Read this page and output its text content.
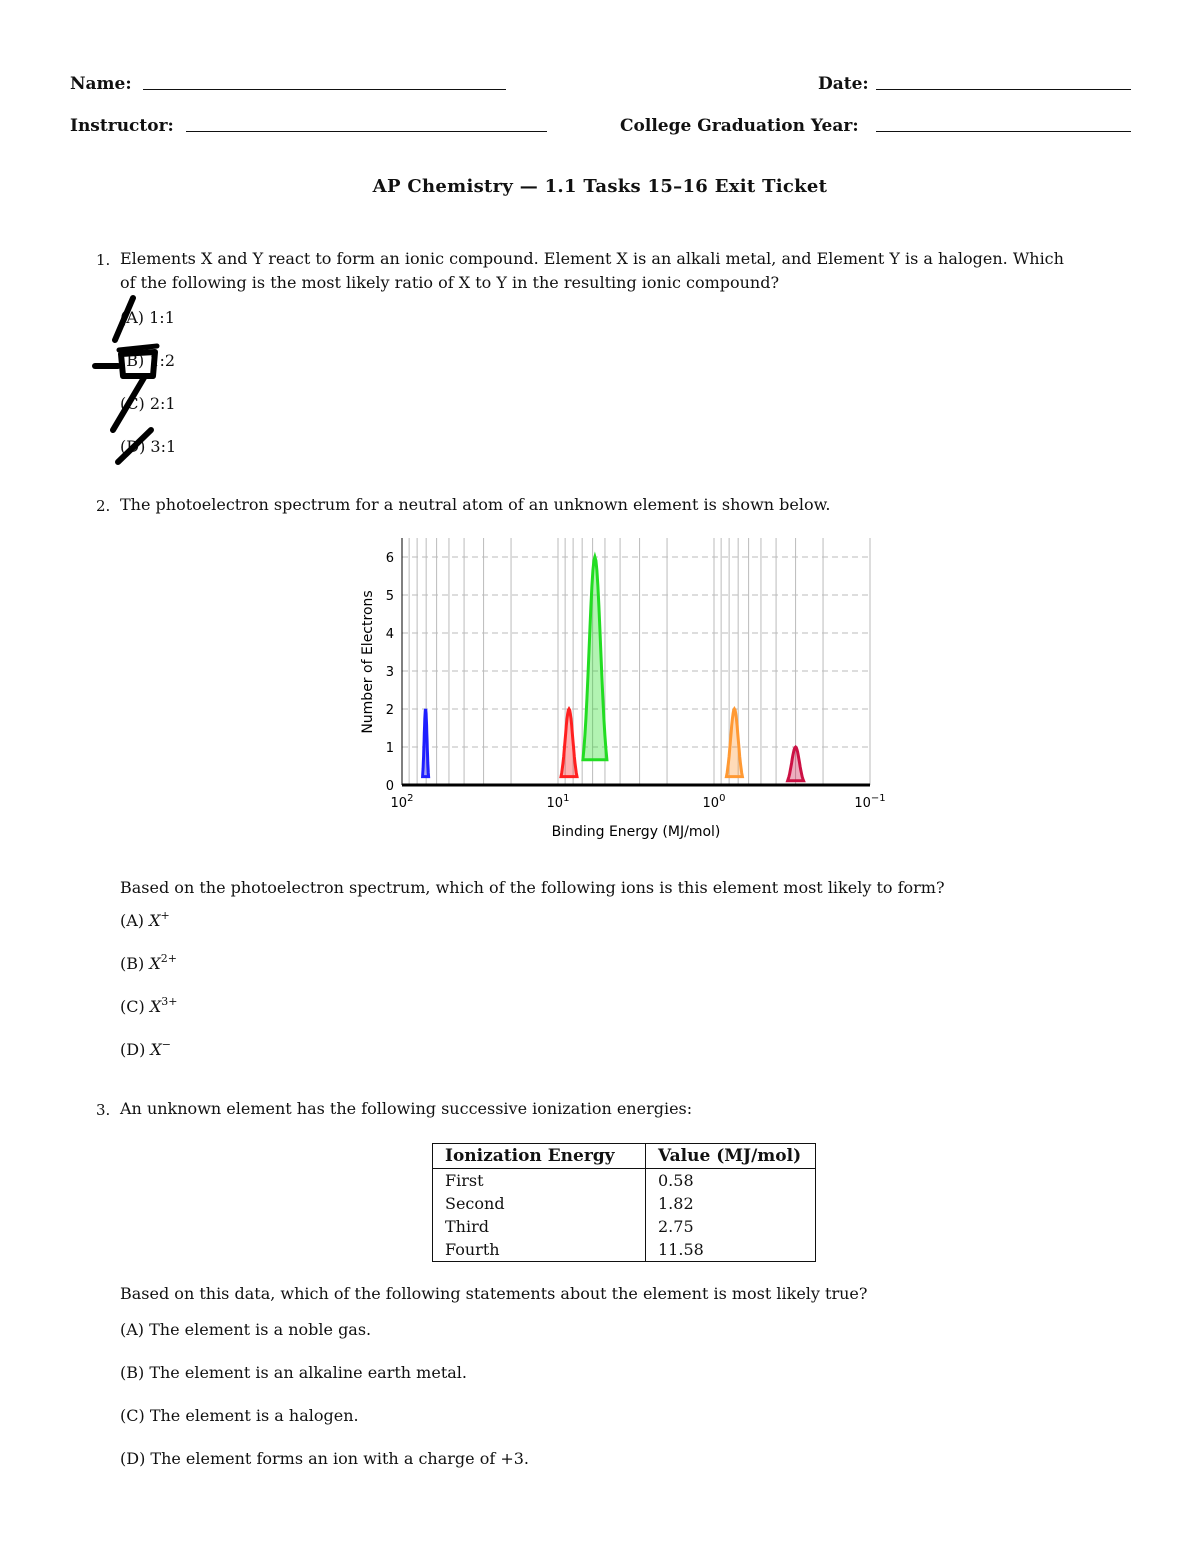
Name:	Date:
Instructor:	College Graduation Year:
AP Chemistry — 1.1 Tasks 15–16 Exit Ticket
1. Elements X and Y react to form an ionic compound. Element X is an alkali metal, and Element Y is a halogen. Which
of the following is the most likely ratio of X to Y in the resulting ionic compound?
(A) 1:1
(B) 1:2
(C) 2:1
(D) 3:1
2. The photoelectron spectrum for a neutral atom of an unknown element is shown below.
0
1
2
3
4
5
6
$10^2$	$10^1$	$10^0$	$10^{-1}$
Number of Electrons
Binding Energy (MJ/mol)
Based on the photoelectron spectrum, which of the following ions is this element most likely to form?
(A) X+
(B) $X^{2+}$
(C) $X^{3+}$
(D) X−
3. An unknown element has the following successive ionization energies:
Ionization Energy	Value (MJ/mol)
First	0.58
Second	1.82
Third	2.75
Fourth	11.58
Based on this data, which of the following statements about the element is most likely true?
(A) The element is a noble gas.
(B) The element is an alkaline earth metal.
(C) The element is a halogen.
(D) The element forms an ion with a charge of +3.
